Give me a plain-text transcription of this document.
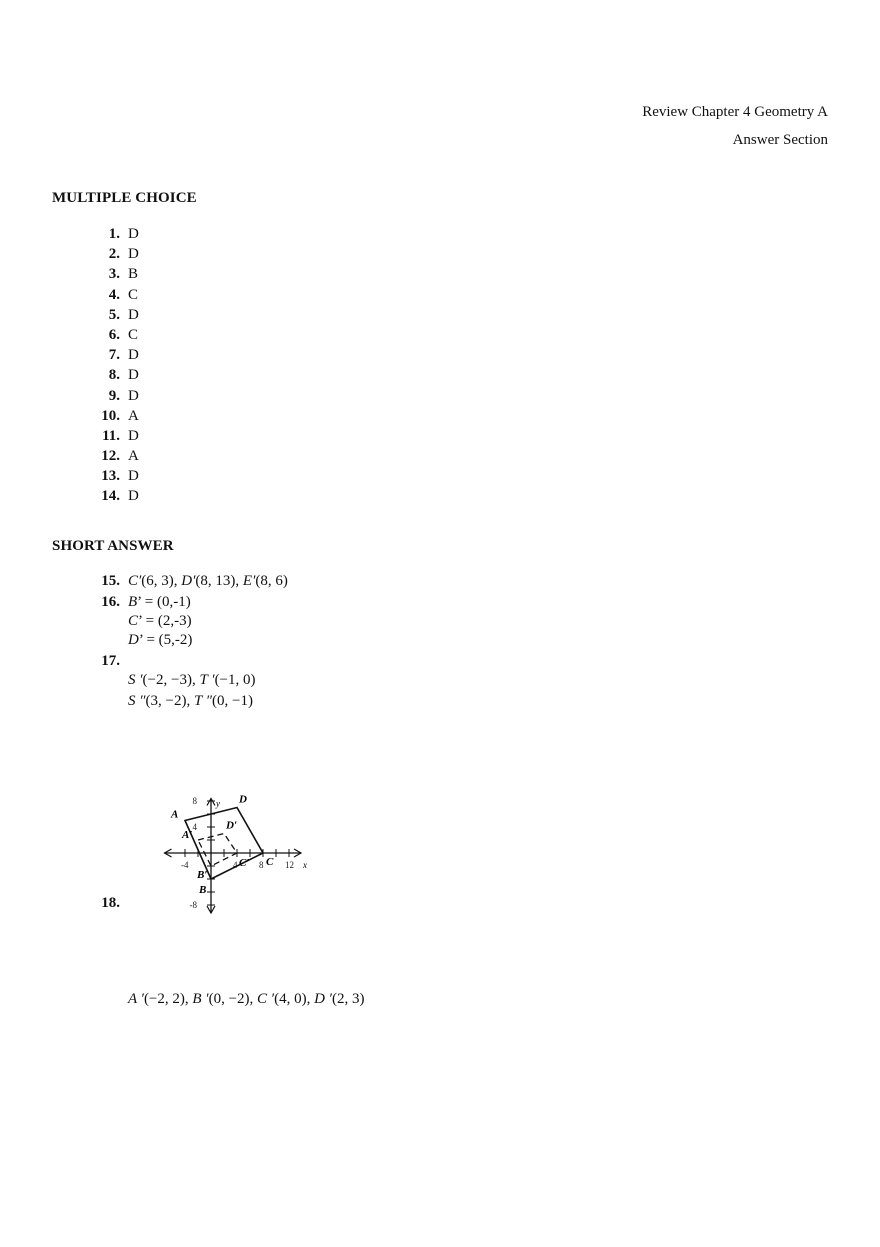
Review Chapter 4 Geometry A
Answer Section
MULTIPLE CHOICE
1. D
2. D
3. B
4. C
5. D
6. C
7. D
8. D
9. D
10. A
11. D
12. A
13. D
14. D
SHORT ANSWER
15. C′(6, 3), D′(8, 13), E′(8, 6)
16. B’ = (0,-1)
C’ = (2,-3)
D’ = (5,-2)
17.
S ′(−2, −3), T ′(−1, 0)
S ″(3, −2), T ″(0, −1)
18.
A ′(−2, 2), B ′(0, −2), C ′(4, 0), D ′(2, 3)
-4	4 8 12
8
4
-8
x
y
A
D
C
B
A′
D′
C′
B′
